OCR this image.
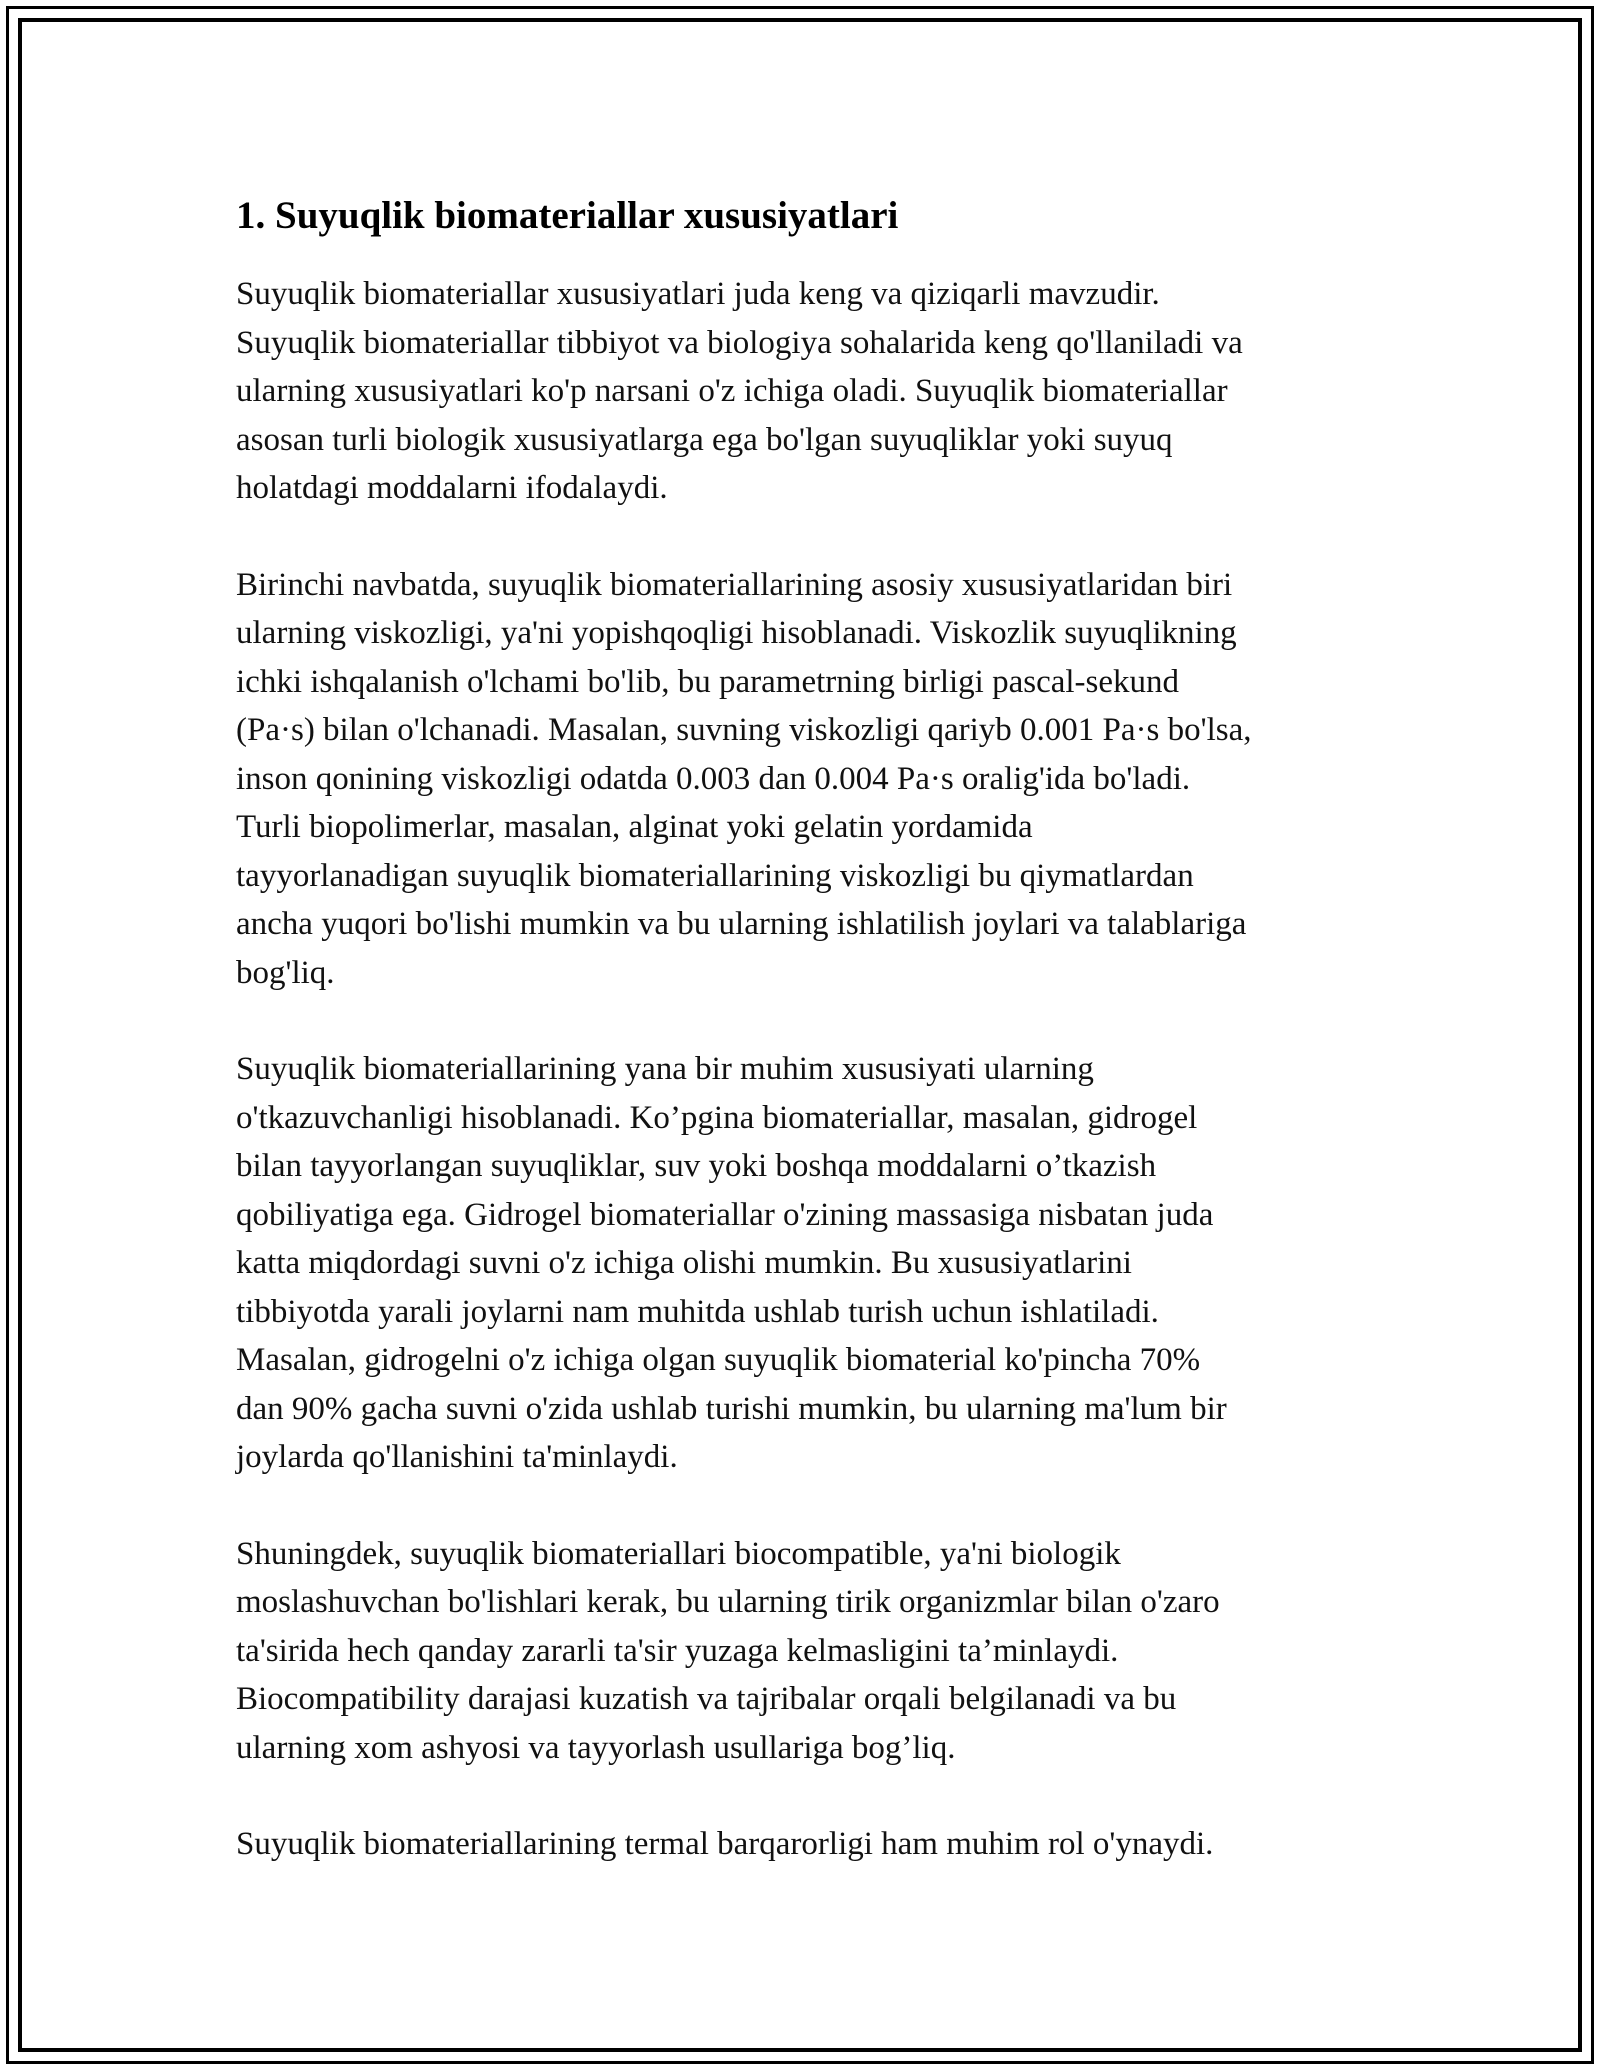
1. Suyuqlik biomateriallar xususiyatlari

Suyuqlik biomateriallar xususiyatlari juda keng va qiziqarli mavzudir.
Suyuqlik biomateriallar tibbiyot va biologiya sohalarida keng qo'llaniladi va
ularning xususiyatlari ko'p narsani o'z ichiga oladi. Suyuqlik biomateriallar
asosan turli biologik xususiyatlarga ega bo'lgan suyuqliklar yoki suyuq
holatdagi moddalarni ifodalaydi.

Birinchi navbatda, suyuqlik biomateriallarining asosiy xususiyatlaridan biri
ularning viskozligi, ya'ni yopishqoqligi hisoblanadi. Viskozlik suyuqlikning
ichki ishqalanish o'lchami bo'lib, bu parametrning birligi pascal-sekund
(Pa·s) bilan o'lchanadi. Masalan, suvning viskozligi qariyb 0.001 Pa·s bo'lsa,
inson qonining viskozligi odatda 0.003 dan 0.004 Pa·s oralig'ida bo'ladi.
Turli biopolimerlar, masalan, alginat yoki gelatin yordamida
tayyorlanadigan suyuqlik biomateriallarining viskozligi bu qiymatlardan
ancha yuqori bo'lishi mumkin va bu ularning ishlatilish joylari va talablariga
bog'liq.

Suyuqlik biomateriallarining yana bir muhim xususiyati ularning
o'tkazuvchanligi hisoblanadi. Ko’pgina biomateriallar, masalan, gidrogel
bilan tayyorlangan suyuqliklar, suv yoki boshqa moddalarni o’tkazish
qobiliyatiga ega. Gidrogel biomateriallar o'zining massasiga nisbatan juda
katta miqdordagi suvni o'z ichiga olishi mumkin. Bu xususiyatlarini
tibbiyotda yarali joylarni nam muhitda ushlab turish uchun ishlatiladi.
Masalan, gidrogelni o'z ichiga olgan suyuqlik biomaterial ko'pincha 70%
dan 90% gacha suvni o'zida ushlab turishi mumkin, bu ularning ma'lum bir
joylarda qo'llanishini ta'minlaydi.

Shuningdek, suyuqlik biomateriallari biocompatible, ya'ni biologik
moslashuvchan bo'lishlari kerak, bu ularning tirik organizmlar bilan o'zaro
ta'sirida hech qanday zararli ta'sir yuzaga kelmasligini ta’minlaydi.
Biocompatibility darajasi kuzatish va tajribalar orqali belgilanadi va bu
ularning xom ashyosi va tayyorlash usullariga bog’liq.

Suyuqlik biomateriallarining termal barqarorligi ham muhim rol o'ynaydi.
